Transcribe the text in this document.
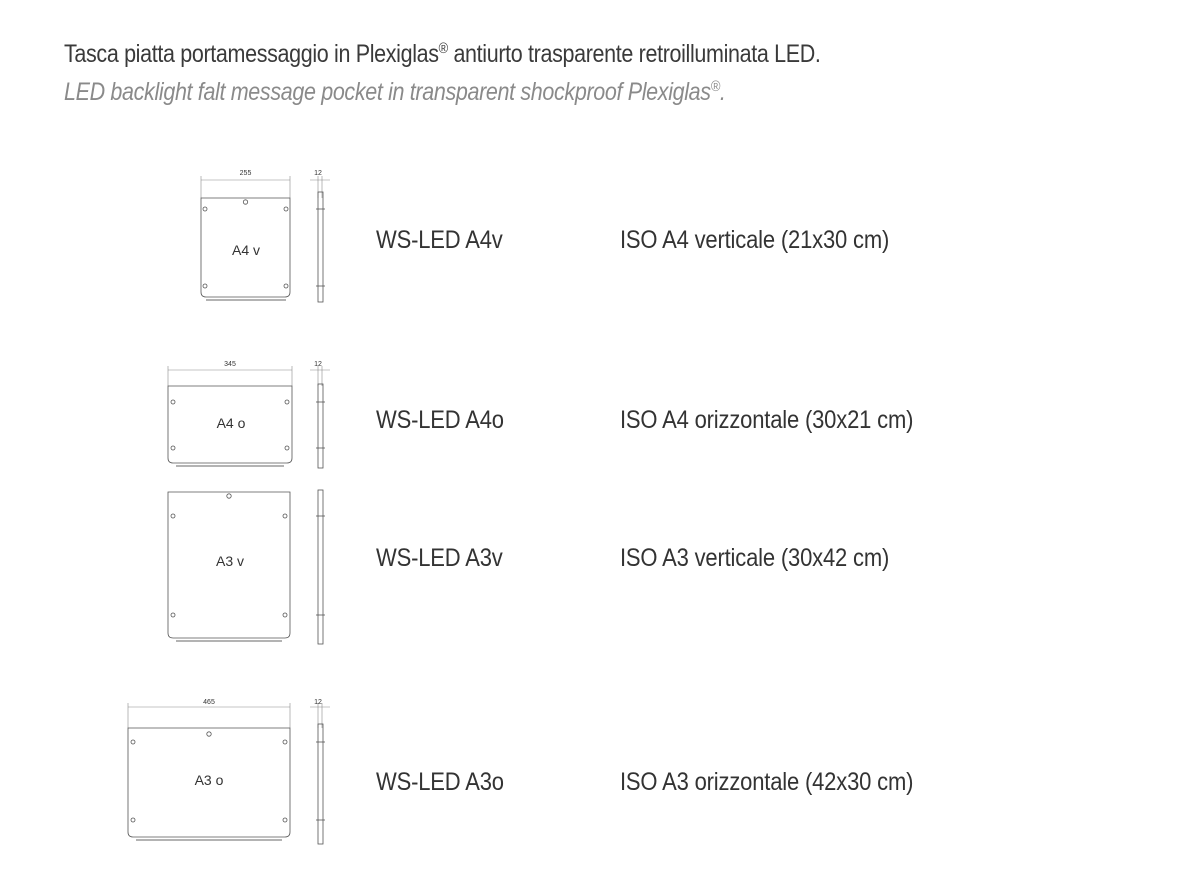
Tasca piatta portamessaggio in Plexiglas® antiurto trasparente retroilluminata LED.
LED backlight falt message pocket in transparent shockproof Plexiglas®.
255
A4 v
12
345
A4 o
12
A3 v
465
A3 o
12
WS-LED A4v	ISO A4 verticale (21x30 cm)
WS-LED A4o	ISO A4 orizzontale (30x21 cm)
WS-LED A3v	ISO A3 verticale (30x42 cm)
WS-LED A3o	ISO A3 orizzontale (42x30 cm)
